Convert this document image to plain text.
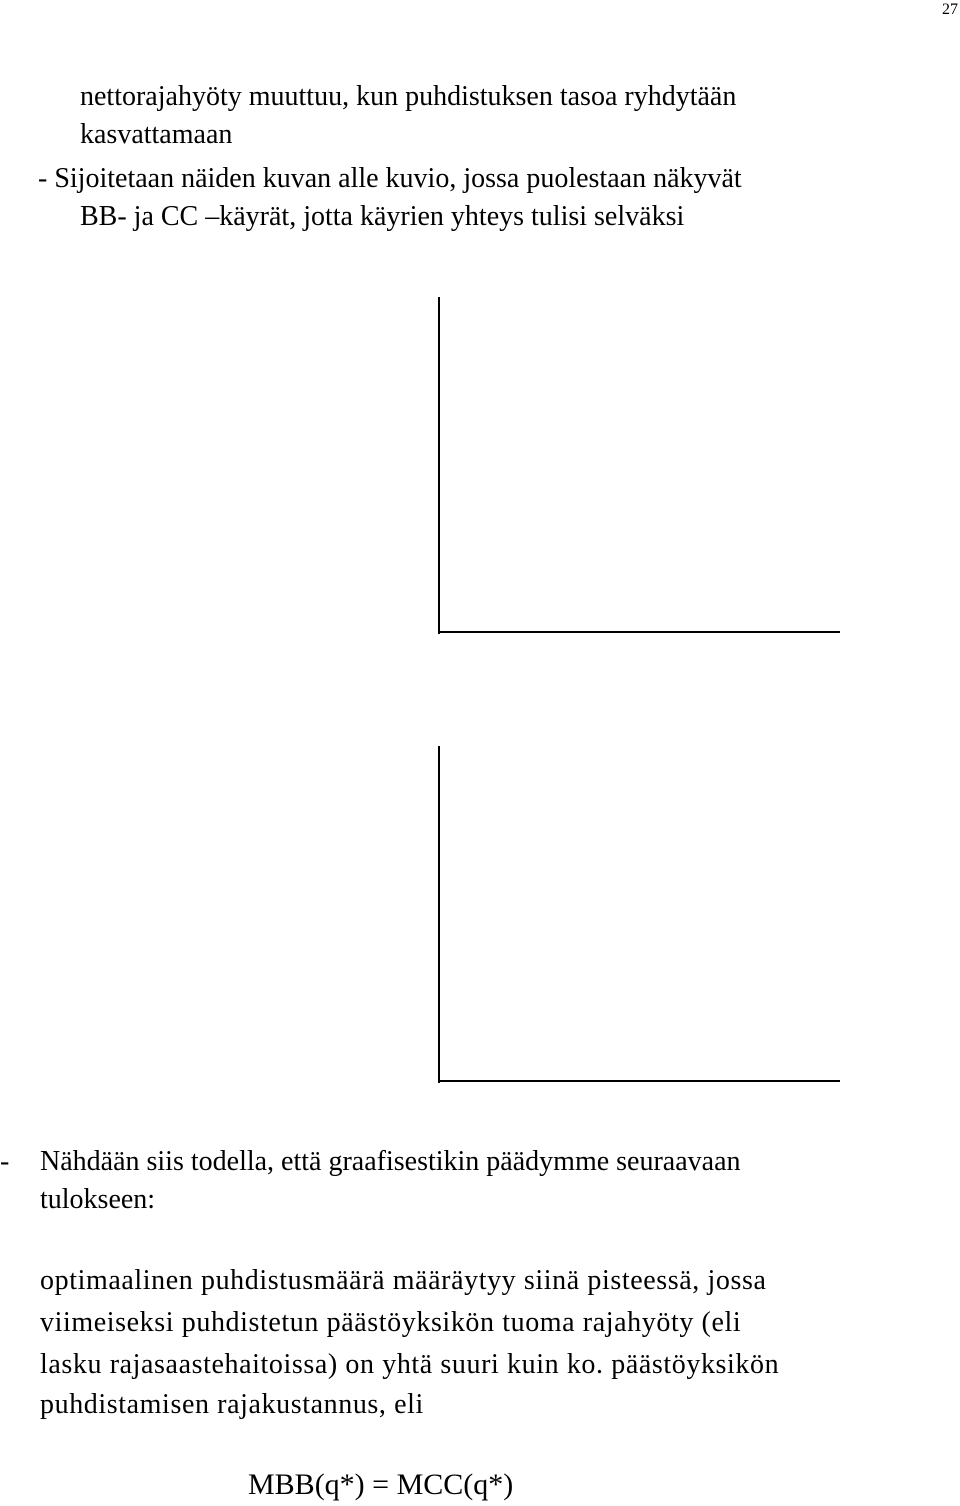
27
nettorajahyöty muuttuu, kun puhdistuksen tasoa ryhdytään
kasvattamaan
- Sijoitetaan näiden kuvan alle kuvio, jossa puolestaan näkyvät
BB- ja CC –käyrät, jotta käyrien yhteys tulisi selväksi
- Nähdään siis todella, että graafisestikin päädymme seuraavaan
tulokseen:
optimaalinen puhdistusmäärä määräytyy siinä pisteessä, jossa
viimeiseksi puhdistetun päästöyksikön tuoma rajahyöty (eli
lasku rajasaastehaitoissa) on yhtä suuri kuin ko. päästöyksikön
puhdistamisen rajakustannus, eli
MBB(q*) = MCC(q*)
